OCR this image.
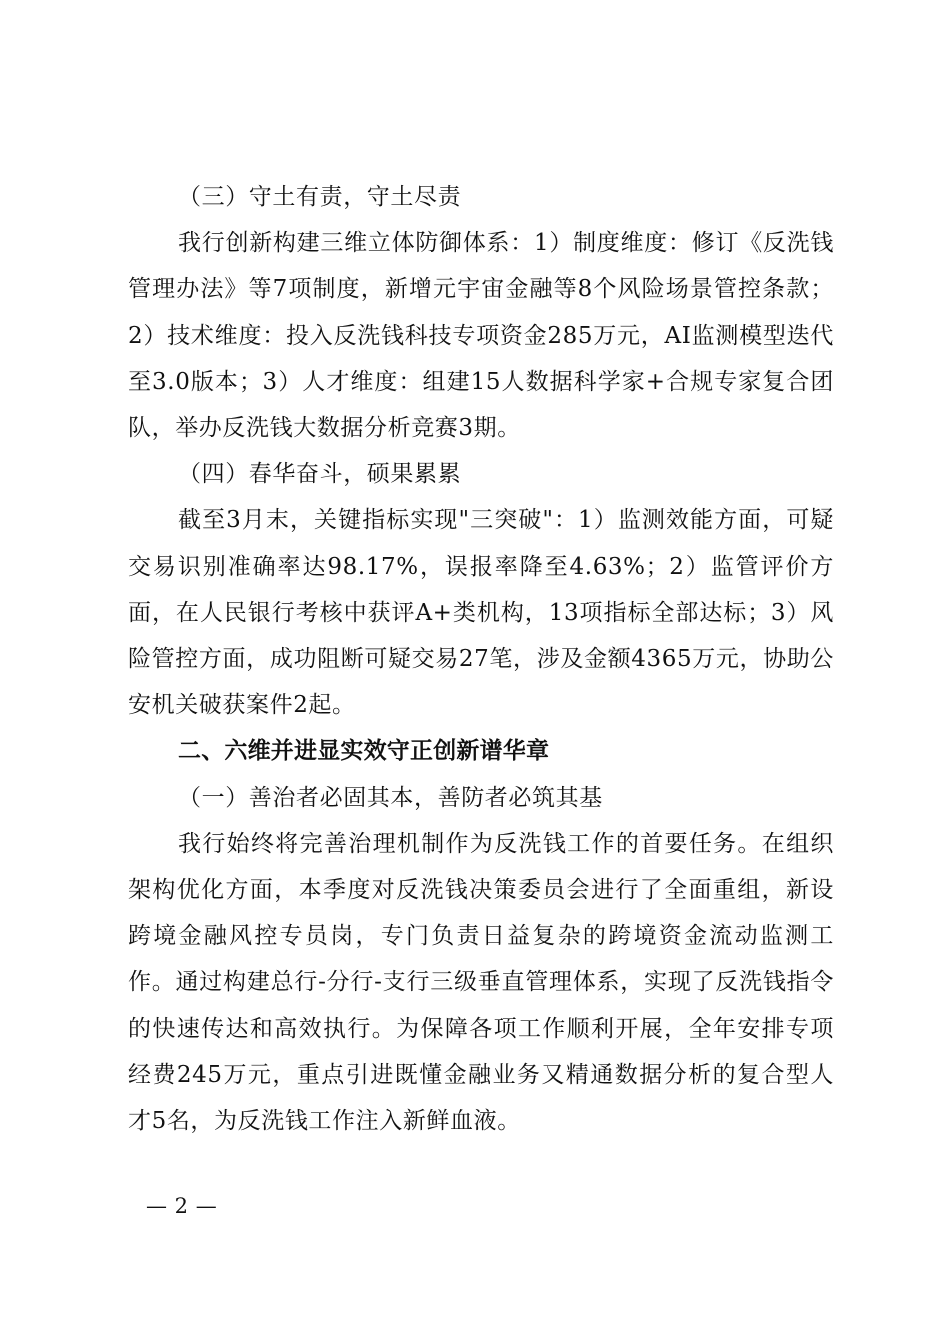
（三）守土有责，守土尽责

我行创新构建三维立体防御体系：1）制度维度：修订《反洗钱管理办法》等7项制度，新增元宇宙金融等8个风险场景管控条款；2）技术维度：投入反洗钱科技专项资金285万元，AI监测模型迭代至3.0版本；3）人才维度：组建15人数据科学家+合规专家复合团队，举办反洗钱大数据分析竞赛3期。

（四）春华奋斗，硕果累累

截至3月末，关键指标实现"三突破"：1）监测效能方面，可疑交易识别准确率达98.17%，误报率降至4.63%；2）监管评价方面，在人民银行考核中获评A+类机构，13项指标全部达标；3）风险管控方面，成功阻断可疑交易27笔，涉及金额4365万元，协助公安机关破获案件2起。

二、六维并进显实效守正创新谱华章

（一）善治者必固其本，善防者必筑其基

我行始终将完善治理机制作为反洗钱工作的首要任务。在组织架构优化方面，本季度对反洗钱决策委员会进行了全面重组，新设跨境金融风控专员岗，专门负责日益复杂的跨境资金流动监测工作。通过构建总行-分行-支行三级垂直管理体系，实现了反洗钱指令的快速传达和高效执行。为保障各项工作顺利开展，全年安排专项经费245万元，重点引进既懂金融业务又精通数据分析的复合型人才5名，为反洗钱工作注入新鲜血液。

— 2 —
